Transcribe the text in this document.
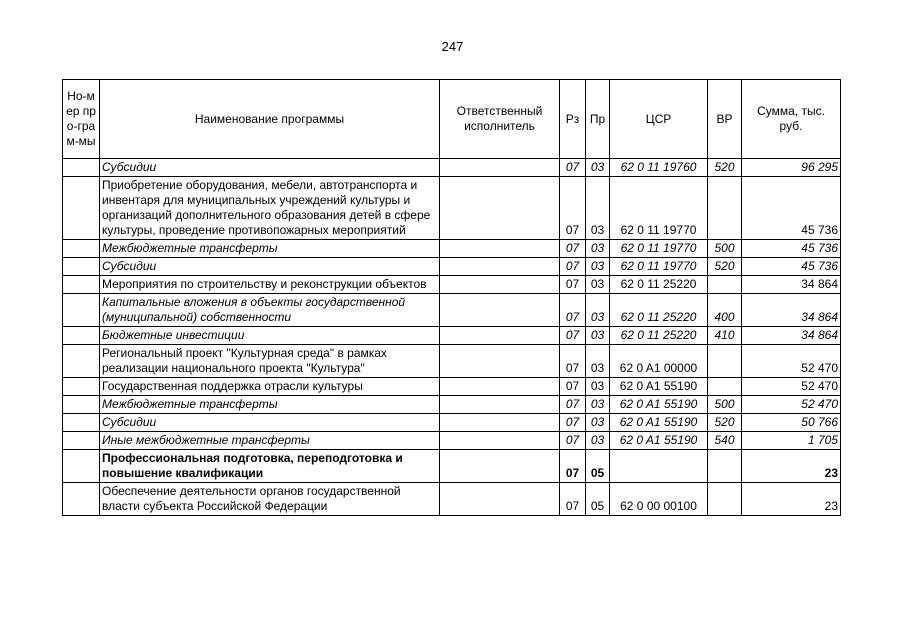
247
Но-мер про-грам-мы	Наименование программы	Ответственный исполнитель	Рз	Пр	ЦСР	ВР	Сумма, тыс. руб.
	Субсидии		07	03	62 0 11 19760	520	96 295
	Приобретение оборудования, мебели, автотранспорта и инвентаря для муниципальных учреждений культуры и организаций дополнительного образования детей в сфере культуры, проведение противопожарных мероприятий		07	03	62 0 11 19770		45 736
	Межбюджетные трансферты		07	03	62 0 11 19770	500	45 736
	Субсидии		07	03	62 0 11 19770	520	45 736
	Мероприятия по строительству и реконструкции объектов		07	03	62 0 11 25220		34 864
	Капитальные вложения в объекты государственной (муниципальной) собственности		07	03	62 0 11 25220	400	34 864
	Бюджетные инвестиции		07	03	62 0 11 25220	410	34 864
	Региональный проект "Культурная среда" в рамках реализации национального проекта "Культура"		07	03	62 0 A1 00000		52 470
	Государственная поддержка отрасли культуры		07	03	62 0 A1 55190		52 470
	Межбюджетные трансферты		07	03	62 0 A1 55190	500	52 470
	Субсидии		07	03	62 0 A1 55190	520	50 766
	Иные межбюджетные трансферты		07	03	62 0 A1 55190	540	1 705
	Профессиональная подготовка, переподготовка и повышение квалификации		07	05			23
	Обеспечение деятельности органов государственной власти субъекта Российской Федерации		07	05	62 0 00 00100		23
